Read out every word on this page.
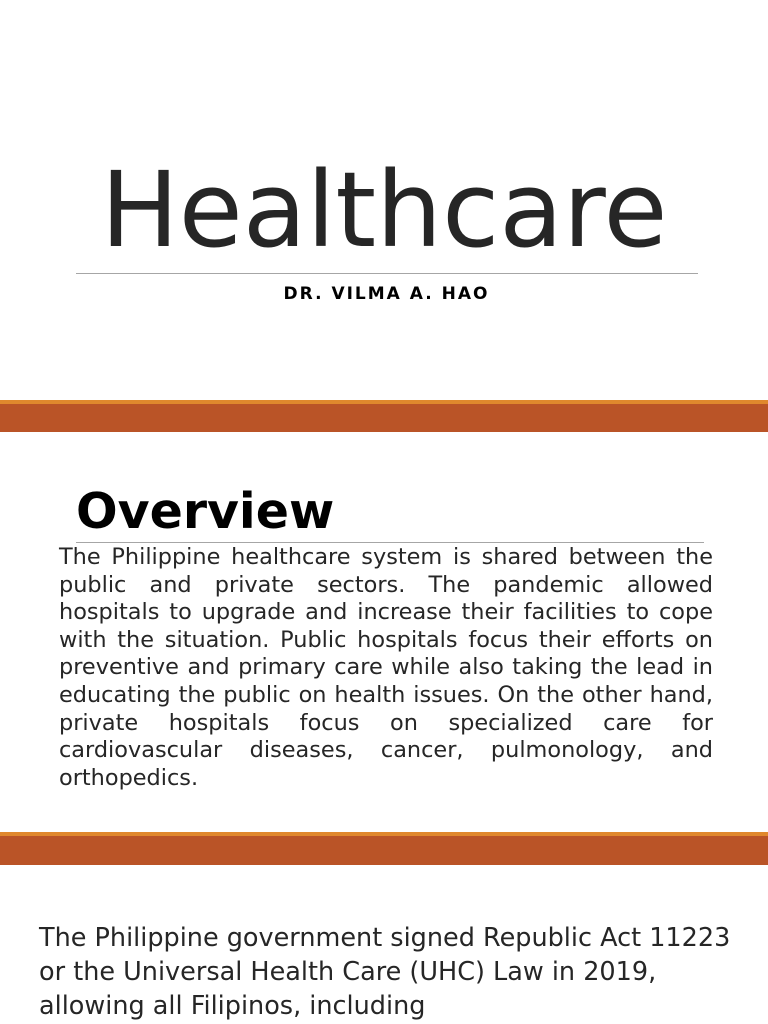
Healthcare
DR. VILMA A. HAO
Overview

The Philippine healthcare system is shared between the public and private sectors. The pandemic allowed hospitals to upgrade and increase their facilities to cope with the situation. Public hospitals focus their efforts on preventive and primary care while also taking the lead in educating the public on health issues. On the other hand, private hospitals focus on specialized care for cardiovascular diseases, cancer, pulmonology, and orthopedics.

The Philippine government signed Republic Act 11223 or the Universal Health Care (UHC) Law in 2019, allowing all Filipinos, including
